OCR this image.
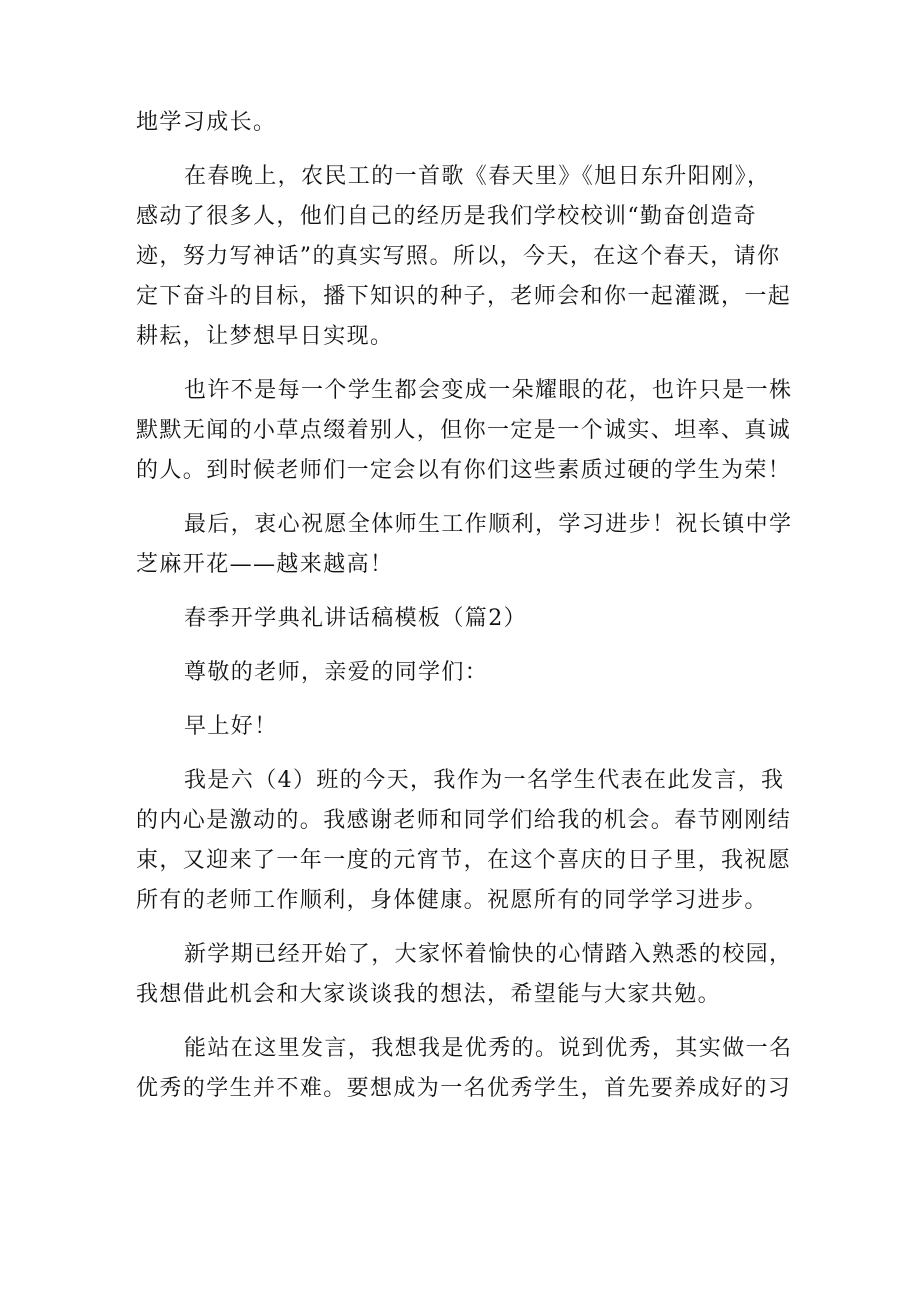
地学习成长。
在春晚上，农民工的一首歌《春天里》《旭日东升阳刚》，
感动了很多人，他们自己的经历是我们学校校训“勤奋创造奇
迹，努力写神话”的真实写照。所以，今天，在这个春天，请你
定下奋斗的目标，播下知识的种子，老师会和你一起灌溉，一起
耕耘，让梦想早日实现。
也许不是每一个学生都会变成一朵耀眼的花，也许只是一株
默默无闻的小草点缀着别人，但你一定是一个诚实、坦率、真诚
的人。到时候老师们一定会以有你们这些素质过硬的学生为荣！
最后，衷心祝愿全体师生工作顺利，学习进步！祝长镇中学
芝麻开花——越来越高！
春季开学典礼讲话稿模板（篇2）
尊敬的老师，亲爱的同学们：
早上好！
我是六（4）班的今天，我作为一名学生代表在此发言，我
的内心是激动的。我感谢老师和同学们给我的机会。春节刚刚结
束，又迎来了一年一度的元宵节，在这个喜庆的日子里，我祝愿
所有的老师工作顺利，身体健康。祝愿所有的同学学习进步。
新学期已经开始了，大家怀着愉快的心情踏入熟悉的校园，
我想借此机会和大家谈谈我的想法，希望能与大家共勉。
能站在这里发言，我想我是优秀的。说到优秀，其实做一名
优秀的学生并不难。要想成为一名优秀学生，首先要养成好的习
